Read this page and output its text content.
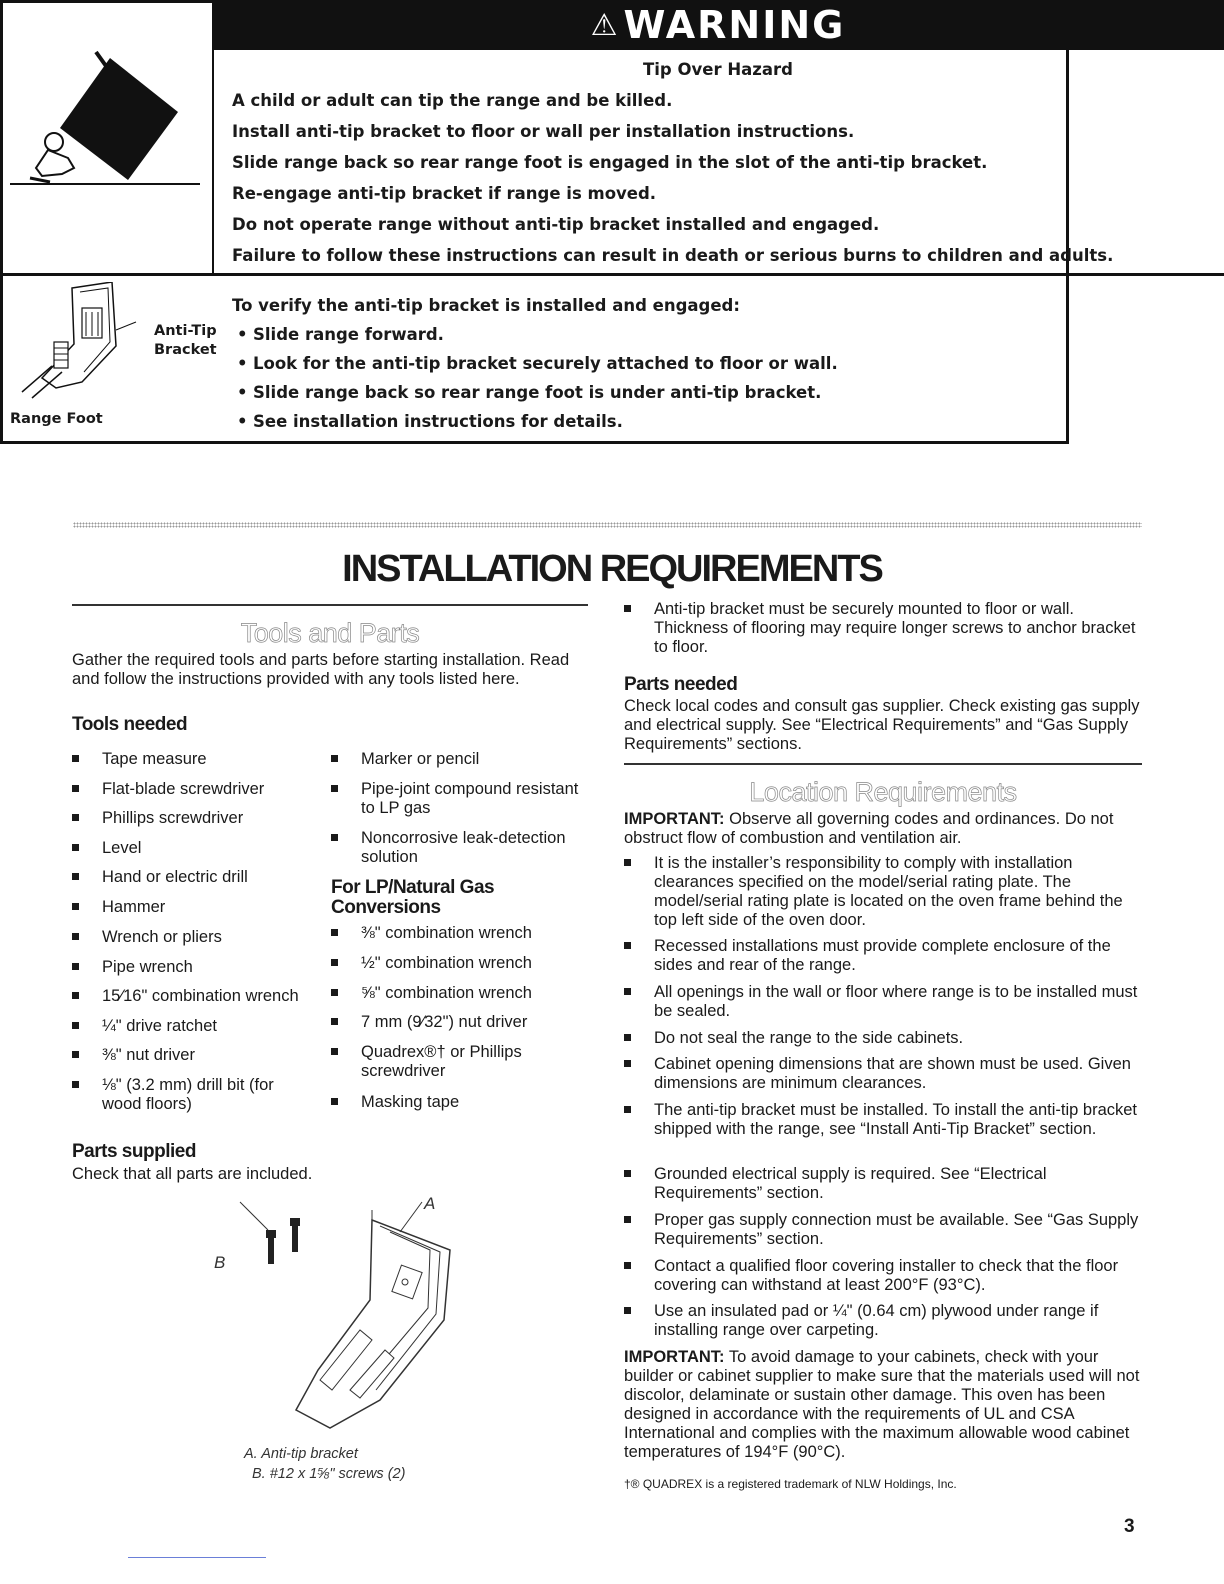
⚠ WARNING
Tip Over Hazard
A child or adult can tip the range and be killed.
Install anti-tip bracket to floor or wall per installation instructions.
Slide range back so rear range foot is engaged in the slot of the anti-tip bracket.
Re-engage anti-tip bracket if range is moved.
Do not operate range without anti-tip bracket installed and engaged.
Failure to follow these instructions can result in death or serious burns to children and adults.
Anti-Tip
Bracket
Range Foot
To verify the anti-tip bracket is installed and engaged:
• Slide range forward.
• Look for the anti-tip bracket securely attached to floor or wall.
• Slide range back so rear range foot is under anti-tip bracket.
• See installation instructions for details.
INSTALLATION REQUIREMENTS
Tools and Parts
Gather the required tools and parts before starting installation. Read and follow the instructions provided with any tools listed here.
Tools needed
Tape measure
Flat-blade screwdriver
Phillips screwdriver
Level
Hand or electric drill
Hammer
Wrench or pliers
Pipe wrench
15⁄16" combination wrench
¼" drive ratchet
⅜" nut driver
⅛" (3.2 mm) drill bit (for wood floors)
Marker or pencil
Pipe-joint compound resistant to LP gas
Noncorrosive leak-detection solution
For LP/Natural Gas Conversions
⅜" combination wrench
½" combination wrench
⅝" combination wrench
7 mm (9⁄32") nut driver
Quadrex®† or Phillips screwdriver
Masking tape
Parts supplied
Check that all parts are included.
A
B
A. Anti-tip bracket
B. #12 x 1⅝" screws (2)
Anti-tip bracket must be securely mounted to floor or wall. Thickness of flooring may require longer screws to anchor bracket to floor.
Parts needed
Check local codes and consult gas supplier. Check existing gas supply and electrical supply. See “Electrical Requirements” and “Gas Supply Requirements” sections.
Location Requirements
IMPORTANT: Observe all governing codes and ordinances. Do not obstruct flow of combustion and ventilation air.
It is the installer’s responsibility to comply with installation clearances specified on the model/serial rating plate. The model/serial rating plate is located on the oven frame behind the top left side of the oven door.
Recessed installations must provide complete enclosure of the sides and rear of the range.
All openings in the wall or floor where range is to be installed must be sealed.
Do not seal the range to the side cabinets.
Cabinet opening dimensions that are shown must be used. Given dimensions are minimum clearances.
The anti-tip bracket must be installed. To install the anti-tip bracket shipped with the range, see “Install Anti-Tip Bracket” section.
Grounded electrical supply is required. See “Electrical Requirements” section.
Proper gas supply connection must be available. See “Gas Supply Requirements” section.
Contact a qualified floor covering installer to check that the floor covering can withstand at least 200°F (93°C).
Use an insulated pad or ¼" (0.64 cm) plywood under range if installing range over carpeting.
IMPORTANT: To avoid damage to your cabinets, check with your builder or cabinet supplier to make sure that the materials used will not discolor, delaminate or sustain other damage. This oven has been designed in accordance with the requirements of UL and CSA International and complies with the maximum allowable wood cabinet temperatures of 194°F (90°C).
†® QUADREX is a registered trademark of NLW Holdings, Inc.
3
